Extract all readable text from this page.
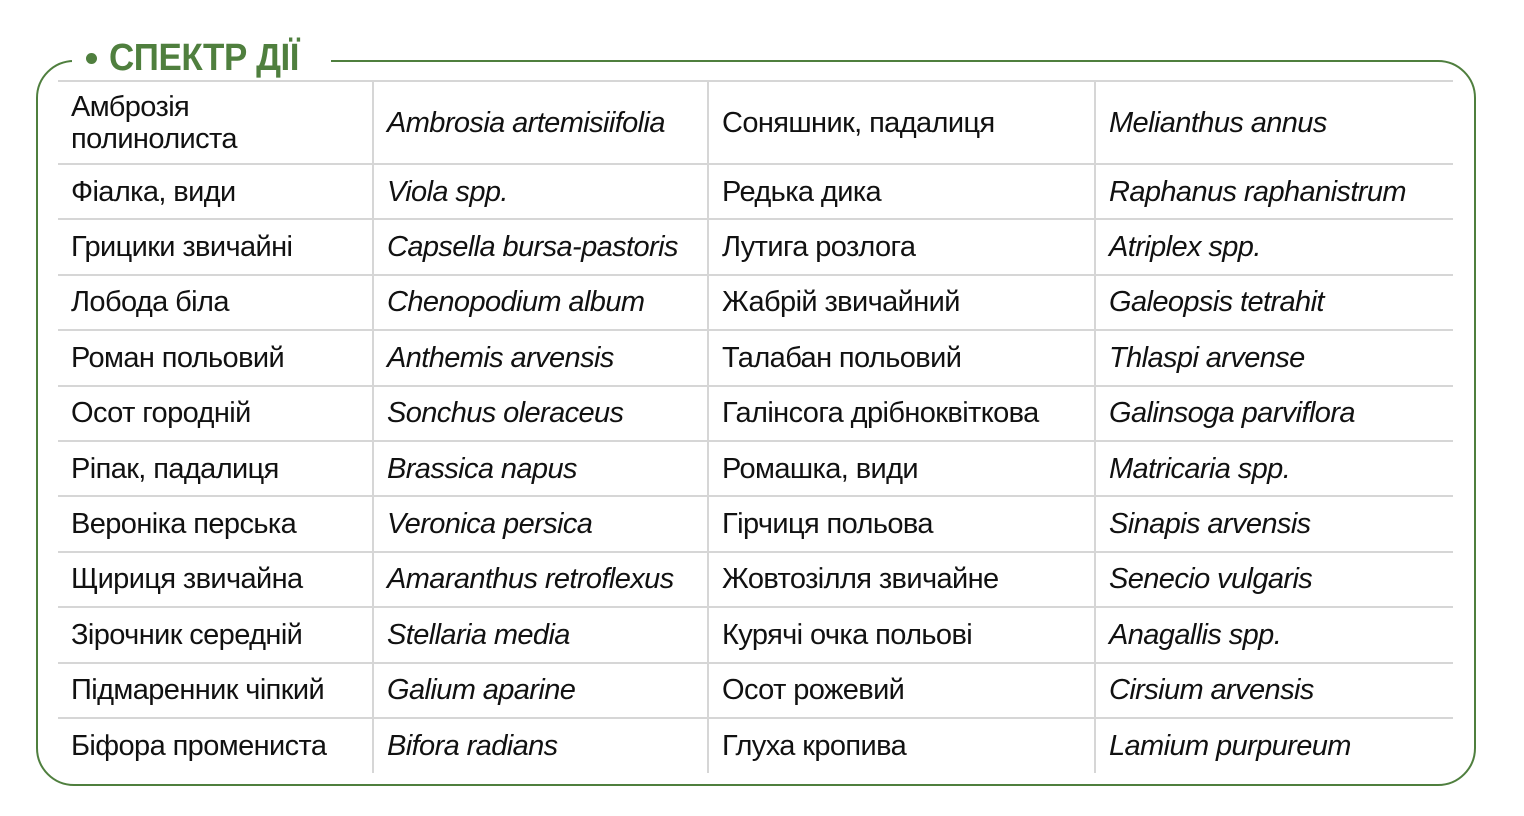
СПЕКТР ДІЇ
Амброзія полинолиста	Ambrosia artemisiifolia	Соняшник, падалиця	Melianthus annus
Фіалка, види	Viola spp.	Редька дика	Raphanus raphanistrum
Грицики звичайні	Capsella bursa-pastoris	Лутига розлога	Atriplex spp.
Лобода біла	Chenopodium album	Жабрій звичайний	Galeopsis tetrahit
Роман польовий	Anthemis arvensis	Талабан польовий	Thlaspi arvense
Осот городній	Sonchus oleraceus	Галінсога дрібноквіткова	Galinsoga parviflora
Ріпак, падалиця	Brassica napus	Ромашка, види	Matricaria spp.
Вероніка перська	Veronica persica	Гірчиця польова	Sinapis arvensis
Щириця звичайна	Amaranthus retroflexus	Жовтозілля звичайне	Senecio vulgaris
Зірочник середній	Stellaria media	Курячі очка польові	Anagallis spp.
Підмаренник чіпкий	Galium aparine	Осот рожевий	Cirsium arvensis
Біфора промениста	Bifora radians	Глуха кропива	Lamium purpureum
